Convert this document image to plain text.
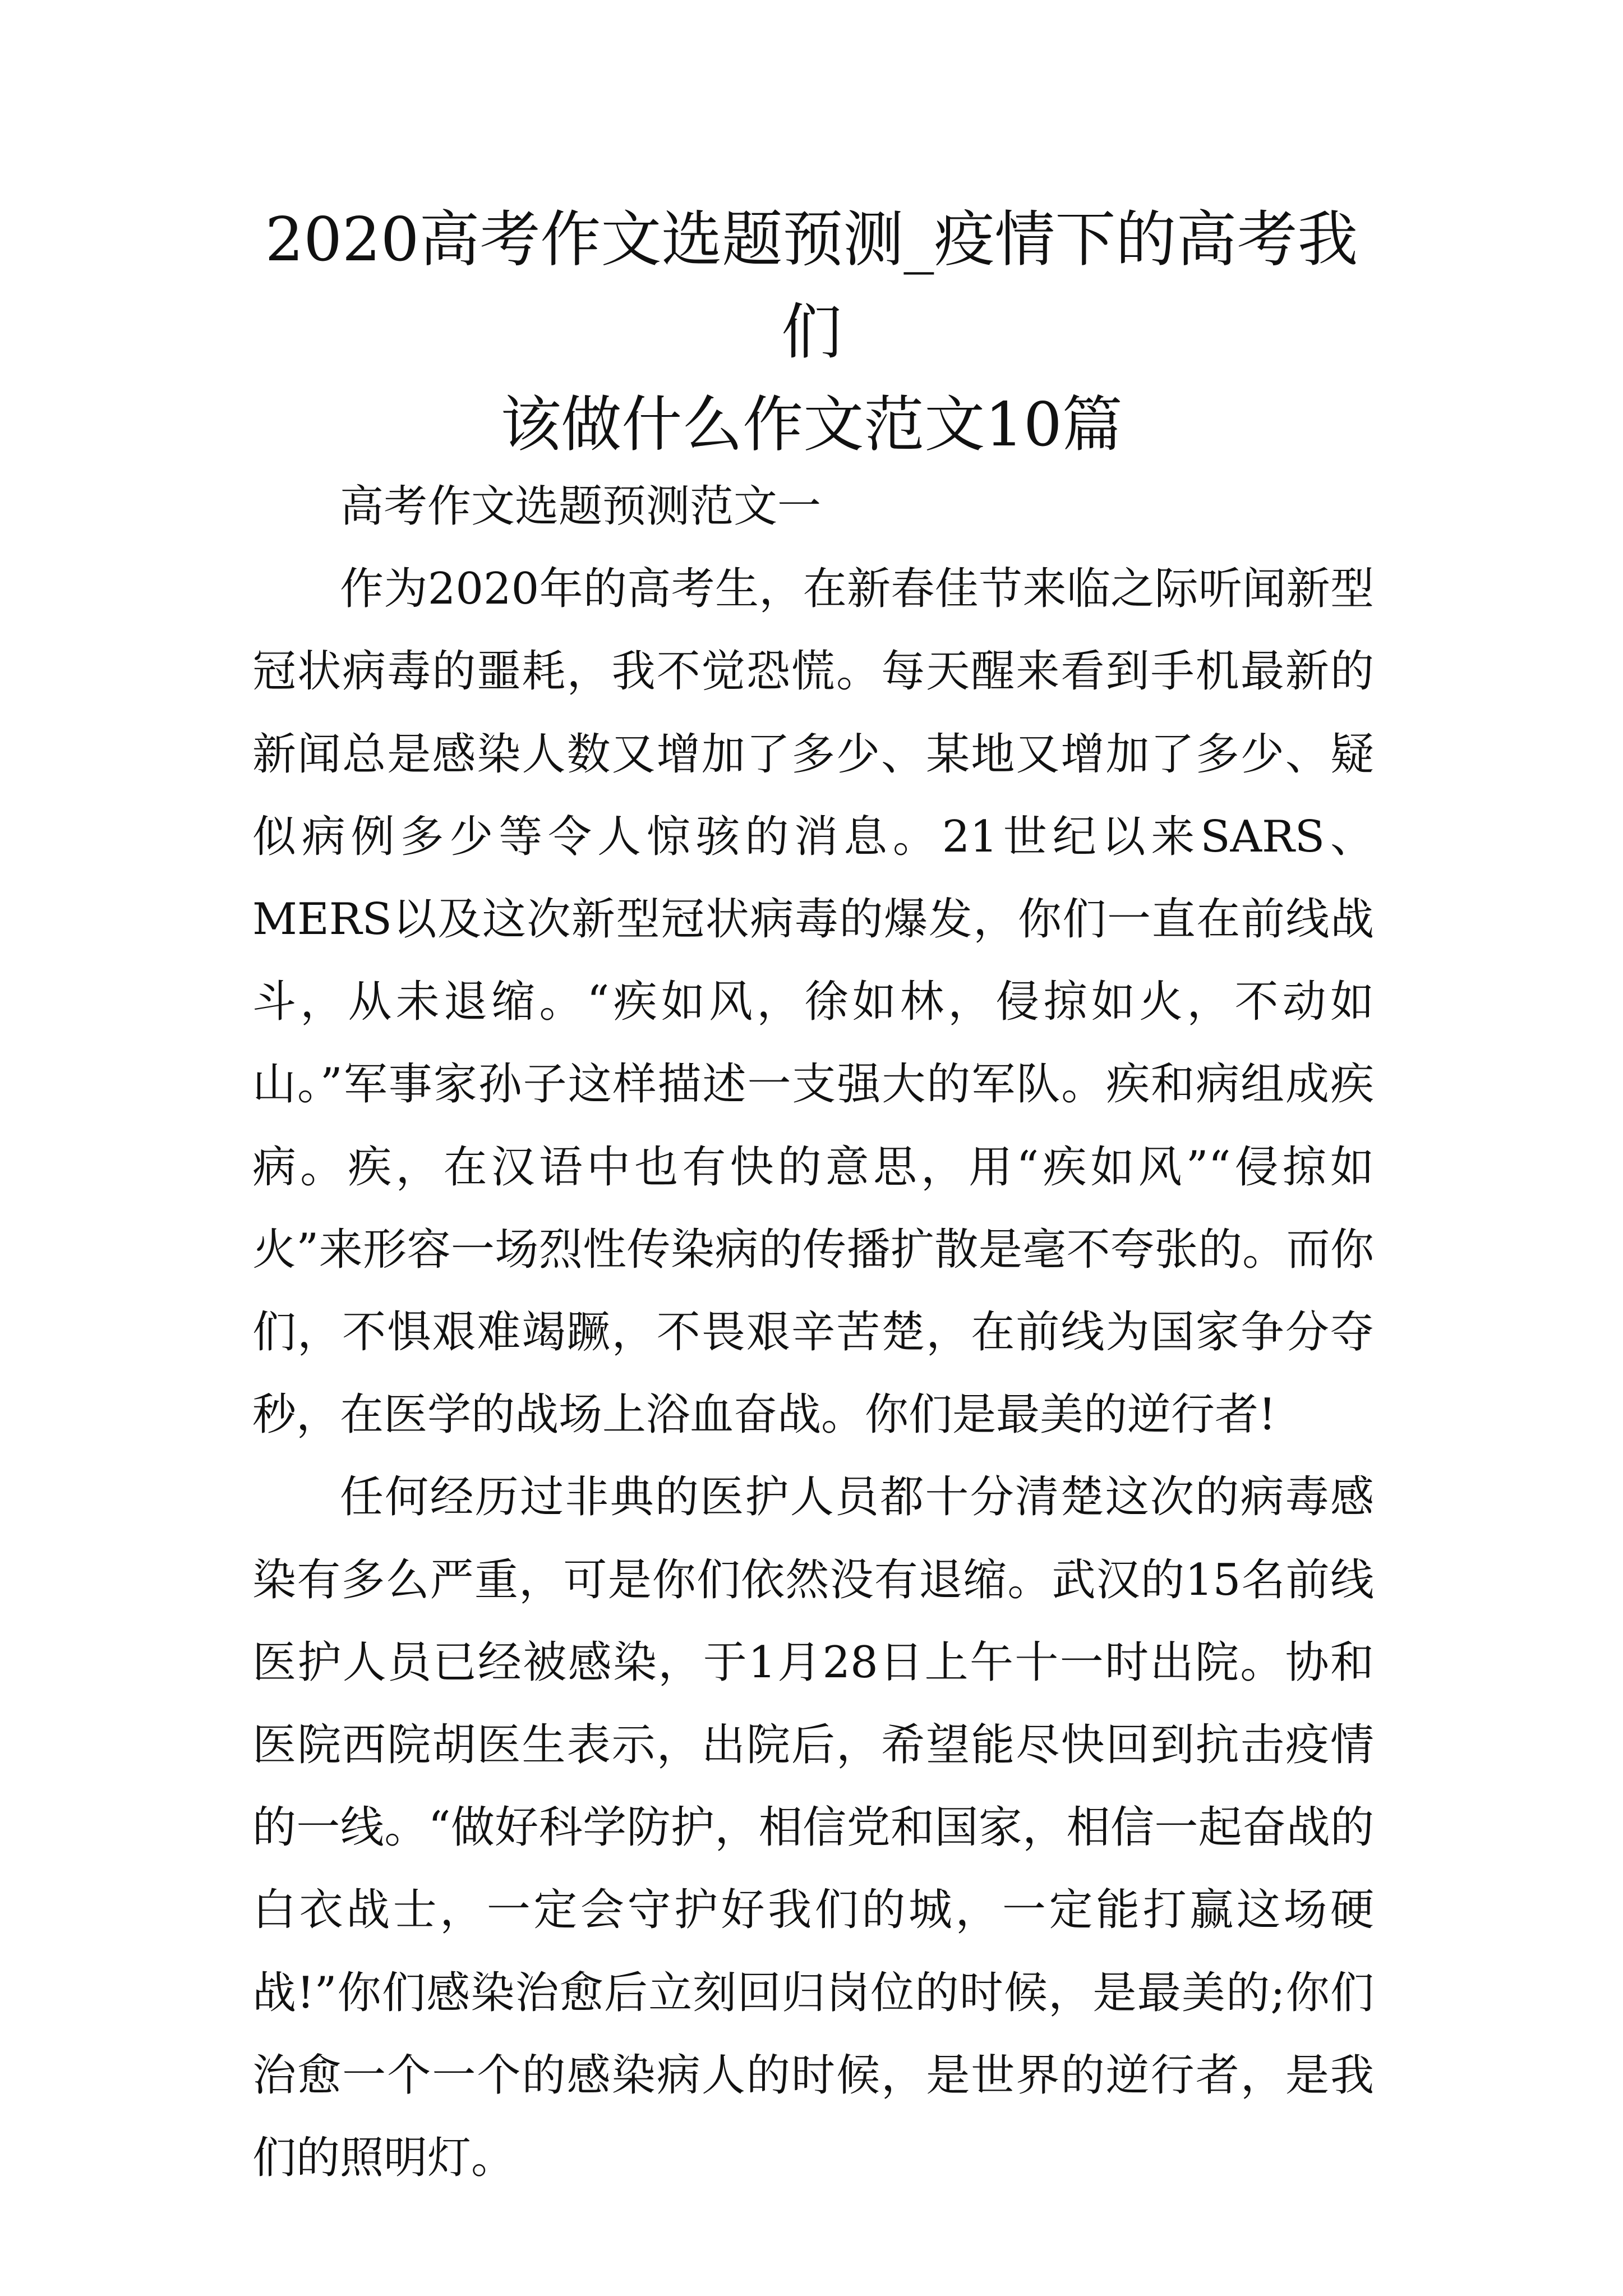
2020高考作文选题预测_疫情下的高考我们
该做什么作文范文10篇

高考作文选题预测范文一

作为2020年的高考生，在新春佳节来临之际听闻新型冠状病毒的噩耗，我不觉恐慌。每天醒来看到手机最新的新闻总是感染人数又增加了多少、某地又增加了多少、疑似病例多少等令人惊骇的消息。21世纪以来SARS、MERS以及这次新型冠状病毒的爆发，你们一直在前线战斗，从未退缩。“疾如风，徐如林，侵掠如火，不动如山。”军事家孙子这样描述一支强大的军队。疾和病组成疾病。疾，在汉语中也有快的意思，用“疾如风”“侵掠如火”来形容一场烈性传染病的传播扩散是毫不夸张的。而你们，不惧艰难竭蹶，不畏艰辛苦楚，在前线为国家争分夺秒，在医学的战场上浴血奋战。你们是最美的逆行者!

任何经历过非典的医护人员都十分清楚这次的病毒感染有多么严重，可是你们依然没有退缩。武汉的15名前线医护人员已经被感染，于1月28日上午十一时出院。协和医院西院胡医生表示，出院后，希望能尽快回到抗击疫情的一线。“做好科学防护，相信党和国家，相信一起奋战的白衣战士，一定会守护好我们的城，一定能打赢这场硬战!”你们感染治愈后立刻回归岗位的时候，是最美的;你们治愈一个一个的感染病人的时候，是世界的逆行者，是我们的照明灯。
